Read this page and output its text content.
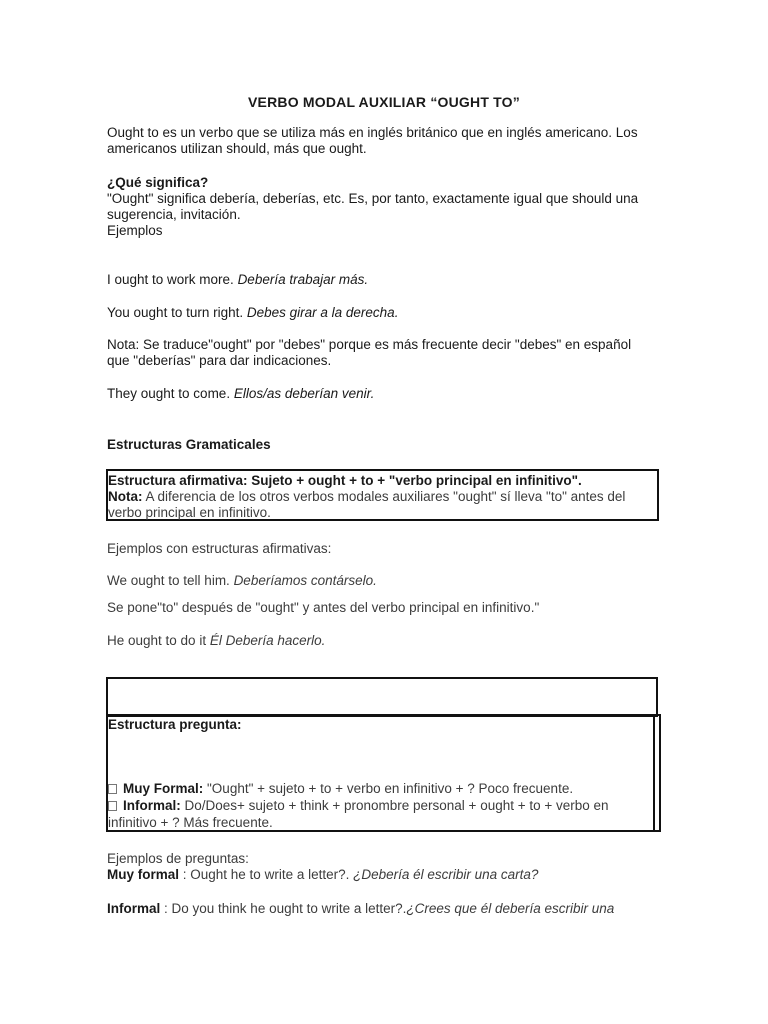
VERBO MODAL AUXILIAR “OUGHT TO”
Ought to es un verbo que se utiliza más en inglés británico que en inglés americano. Los
americanos utilizan should, más que ought.
¿Qué significa?
"Ought" significa debería, deberías, etc. Es, por tanto, exactamente igual que should una
sugerencia, invitación.
Ejemplos
I ought to work more. Debería trabajar más.
You ought to turn right. Debes girar a la derecha.
Nota: Se traduce"ought" por "debes" porque es más frecuente decir "debes" en español
que "deberías" para dar indicaciones.
They ought to come. Ellos/as deberían venir.
Estructuras Gramaticales
Estructura afirmativa: Sujeto + ought + to + "verbo principal en infinitivo".
Nota: A diferencia de los otros verbos modales auxiliares "ought" sí lleva "to" antes del
verbo principal en infinitivo.
Ejemplos con estructuras afirmativas:
We ought to tell him. Deberíamos contárselo.
Se pone"to" después de "ought" y antes del verbo principal en infinitivo."
He ought to do it Él Debería hacerlo.
Estructura pregunta:
Muy Formal: "Ought" + sujeto + to + verbo en infinitivo + ? Poco frecuente.
Informal: Do/Does+ sujeto + think + pronombre personal + ought + to + verbo en
infinitivo + ? Más frecuente.
Ejemplos de preguntas:
Muy formal : Ought he to write a letter?. ¿Debería él escribir una carta?
Informal : Do you think he ought to write a letter?.¿Crees que él debería escribir una
